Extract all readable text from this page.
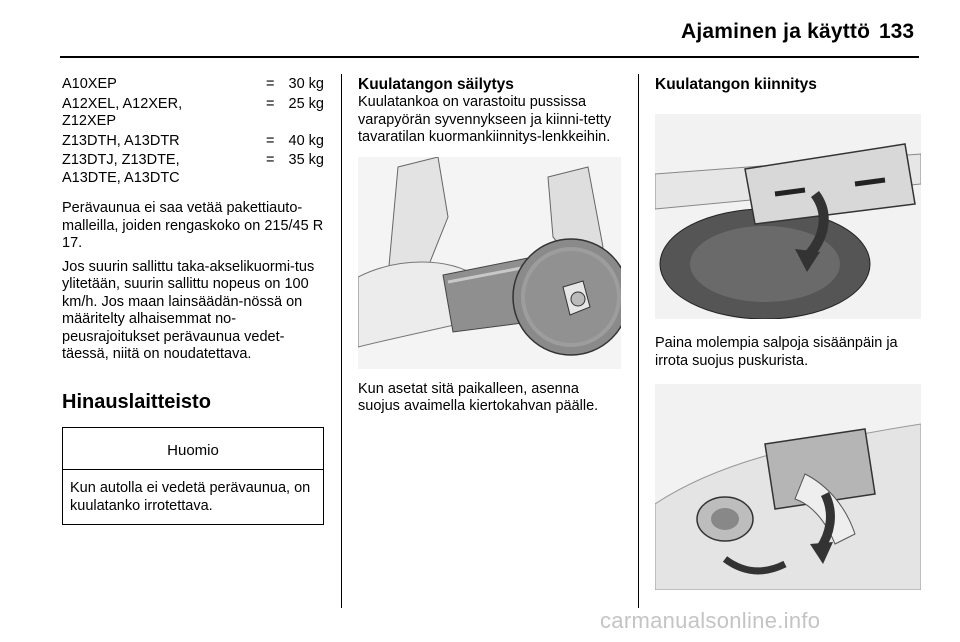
Ajaminen ja käyttö 133
A10XEP	= 30 kg
A12XEL, A12XER, Z12XEP
= 25 kg
Z13DTH, A13DTR	= 40 kg
Z13DTJ, Z13DTE, A13DTE, A13DTC
= 35 kg

Perävaunua ei saa vetää pakettiauto-malleilla, joiden rengaskoko on 215/45 R 17.

Jos suurin sallittu taka-akselikuormi-tus ylitetään, suurin sallittu nopeus on 100 km/h. Jos maan lainsäädän-nössä on määritelty alhaisemmat no-peusrajoitukset perävaunua vedet-täessä, niitä on noudatettava.

Hinauslaitteisto
Huomio
Kun autolla ei vedetä perävaunua, on kuulatanko irrotettava.
Kuulatangon säilytys

Kuulatankoa on varastoitu pussissa varapyörän syvennykseen ja kiinni-tetty tavaratilan kuormankiinnitys-lenkkeihin.

Kun asetat sitä paikalleen, asenna suojus avaimella kiertokahvan päälle.

Kuulatangon kiinnitys

Paina molempia salpoja sisäänpäin ja irrota suojus puskurista.

carmanualsonline.info
